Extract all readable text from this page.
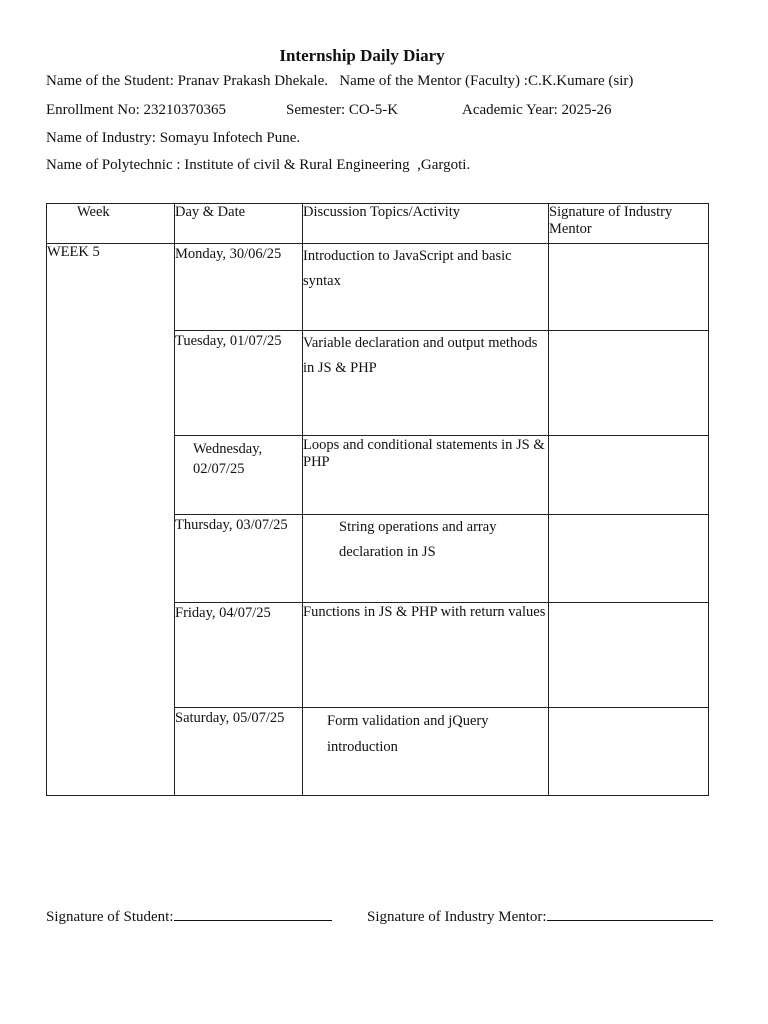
Internship Daily Diary
Name of the Student: Pranav Prakash Dhekale. Name of the Mentor (Faculty) :C.K.Kumare (sir)
Enrollment No: 23210370365	Semester: CO-5-K	Academic Year: 2025-26
Name of Industry: Somayu Infotech Pune.
Name of Polytechnic : Institute of civil & Rural Engineering  ,Gargoti.
Week	Day & Date	Discussion Topics/Activity	Signature of Industry Mentor
WEEK 5	Monday, 30/06/25	Introduction to JavaScript and basic syntax	
	Tuesday, 01/07/25	Variable declaration and output methods in JS & PHP	
	Wednesday, 02/07/25	Loops and conditional statements in JS & PHP	
	Thursday, 03/07/25	String operations and array declaration in JS	
	Friday, 04/07/25	Functions in JS & PHP with return values	
	Saturday, 05/07/25	Form validation and jQuery introduction	
Signature of Student:	Signature of Industry Mentor:
